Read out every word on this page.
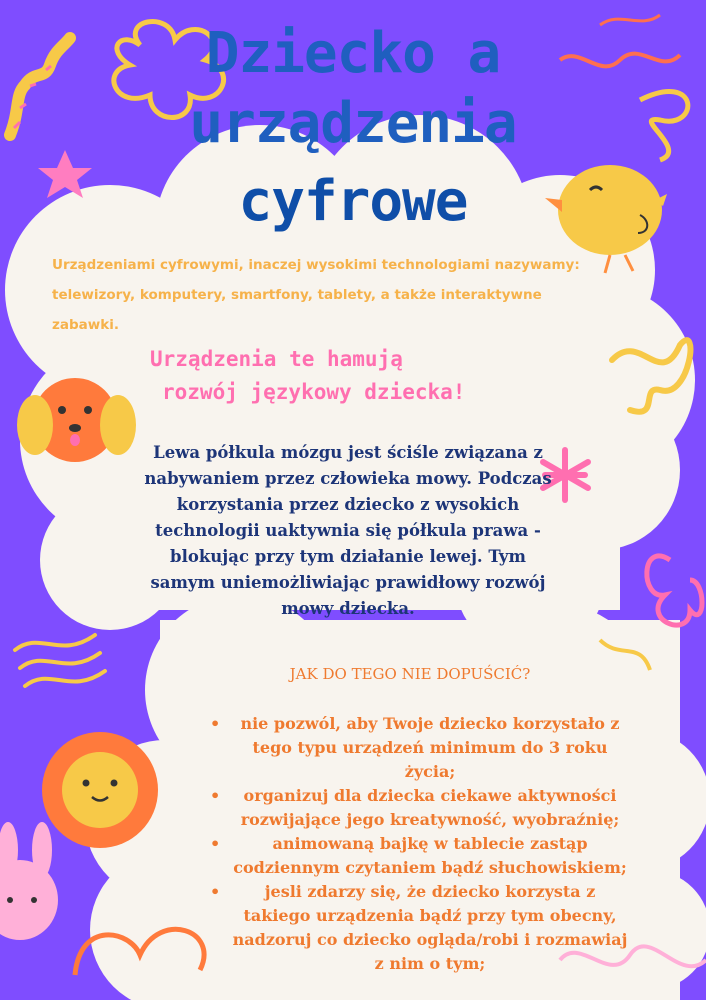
Dziecko a
urządzenia
cyfrowe
Urządzeniami cyfrowymi, inaczej wysokimi technologiami nazywamy:
telewizory, komputery, smartfony, tablety, a także interaktywne
zabawki.
Urządzenia te hamują
rozwój językowy dziecka!
Lewa półkula mózgu jest ściśle związana z
nabywaniem przez człowieka mowy. Podczas
korzystania przez dziecko z wysokich
technologii uaktywnia się półkula prawa -
blokując przy tym działanie lewej. Tym
samym uniemożliwiając prawidłowy rozwój
mowy dziecka.
JAK DO TEGO NIE DOPUŚCIĆ?
•	nie pozwól, aby Twoje dziecko korzystało z
tego typu urządzeń minimum do 3 roku
życia;
•	organizuj dla dziecka ciekawe aktywności
rozwijające jego kreatywność, wyobraźnię;
•	animowaną bajkę w tablecie zastąp
codziennym czytaniem bądź słuchowiskiem;
•	jesli zdarzy się, że dziecko korzysta z
takiego urządzenia bądź przy tym obecny,
nadzoruj co dziecko ogląda/robi i rozmawiaj
z nim o tym;
